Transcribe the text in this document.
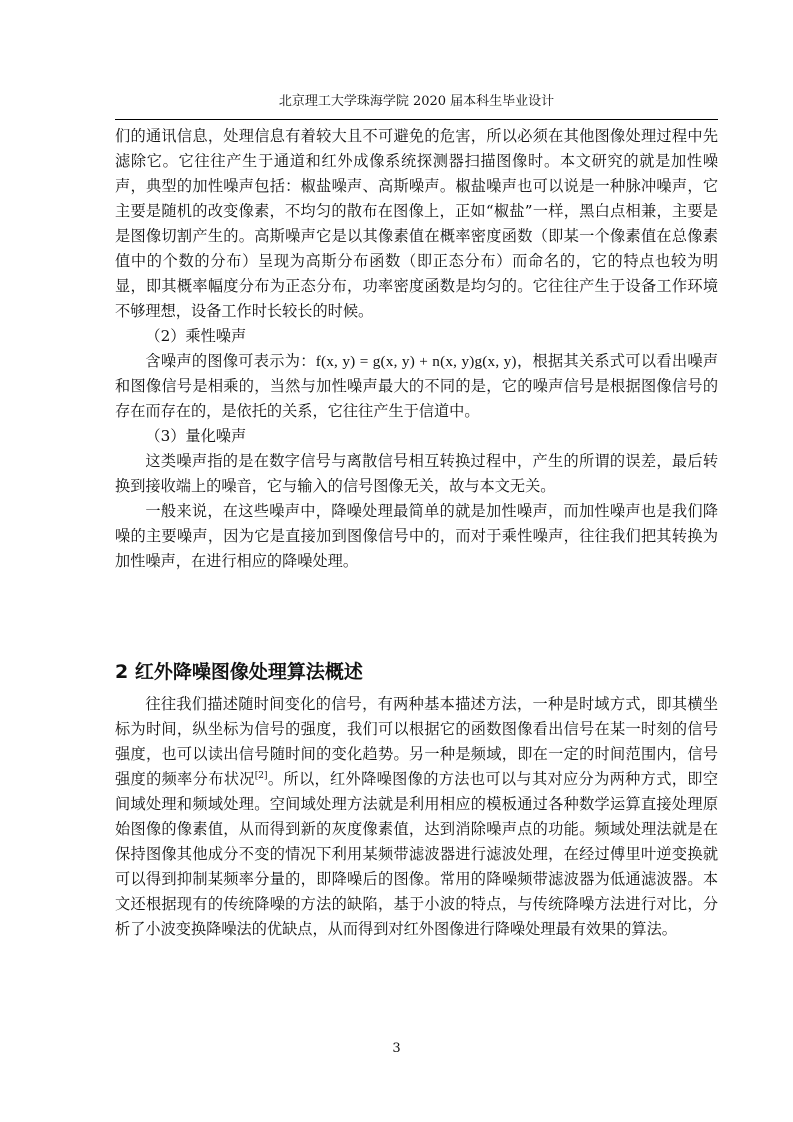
北京理工大学珠海学院 2020 届本科生毕业设计

们的通讯信息，处理信息有着较大且不可避免的危害，所以必须在其他图像处理过程中先滤除它。它往往产生于通道和红外成像系统探测器扫描图像时。本文研究的就是加性噪声，典型的加性噪声包括：椒盐噪声、高斯噪声。椒盐噪声也可以说是一种脉冲噪声，它主要是随机的改变像素，不均匀的散布在图像上，正如“椒盐”一样，黑白点相兼，主要是是图像切割产生的。高斯噪声它是以其像素值在概率密度函数（即某一个像素值在总像素值中的个数的分布）呈现为高斯分布函数（即正态分布）而命名的，它的特点也较为明显，即其概率幅度分布为正态分布，功率密度函数是均匀的。它往往产生于设备工作环境不够理想，设备工作时长较长的时候。

（2）乘性噪声

含噪声的图像可表示为：f(x, y) = g(x, y) + n(x, y)g(x, y)，根据其关系式可以看出噪声和图像信号是相乘的，当然与加性噪声最大的不同的是，它的噪声信号是根据图像信号的存在而存在的，是依托的关系，它往往产生于信道中。

（3）量化噪声

这类噪声指的是在数字信号与离散信号相互转换过程中，产生的所谓的误差，最后转换到接收端上的噪音，它与输入的信号图像无关，故与本文无关。

一般来说，在这些噪声中，降噪处理最简单的就是加性噪声，而加性噪声也是我们降噪的主要噪声，因为它是直接加到图像信号中的，而对于乘性噪声，往往我们把其转换为加性噪声，在进行相应的降噪处理。

2 红外降噪图像处理算法概述

往往我们描述随时间变化的信号，有两种基本描述方法，一种是时域方式，即其横坐标为时间，纵坐标为信号的强度，我们可以根据它的函数图像看出信号在某一时刻的信号强度，也可以读出信号随时间的变化趋势。另一种是频域，即在一定的时间范围内，信号强度的频率分布状况[2]。所以，红外降噪图像的方法也可以与其对应分为两种方式，即空间域处理和频域处理。空间域处理方法就是利用相应的模板通过各种数学运算直接处理原始图像的像素值，从而得到新的灰度像素值，达到消除噪声点的功能。频域处理法就是在保持图像其他成分不变的情况下利用某频带滤波器进行滤波处理，在经过傅里叶逆变换就可以得到抑制某频率分量的，即降噪后的图像。常用的降噪频带滤波器为低通滤波器。本文还根据现有的传统降噪的方法的缺陷，基于小波的特点，与传统降噪方法进行对比，分析了小波变换降噪法的优缺点，从而得到对红外图像进行降噪处理最有效果的算法。

3
